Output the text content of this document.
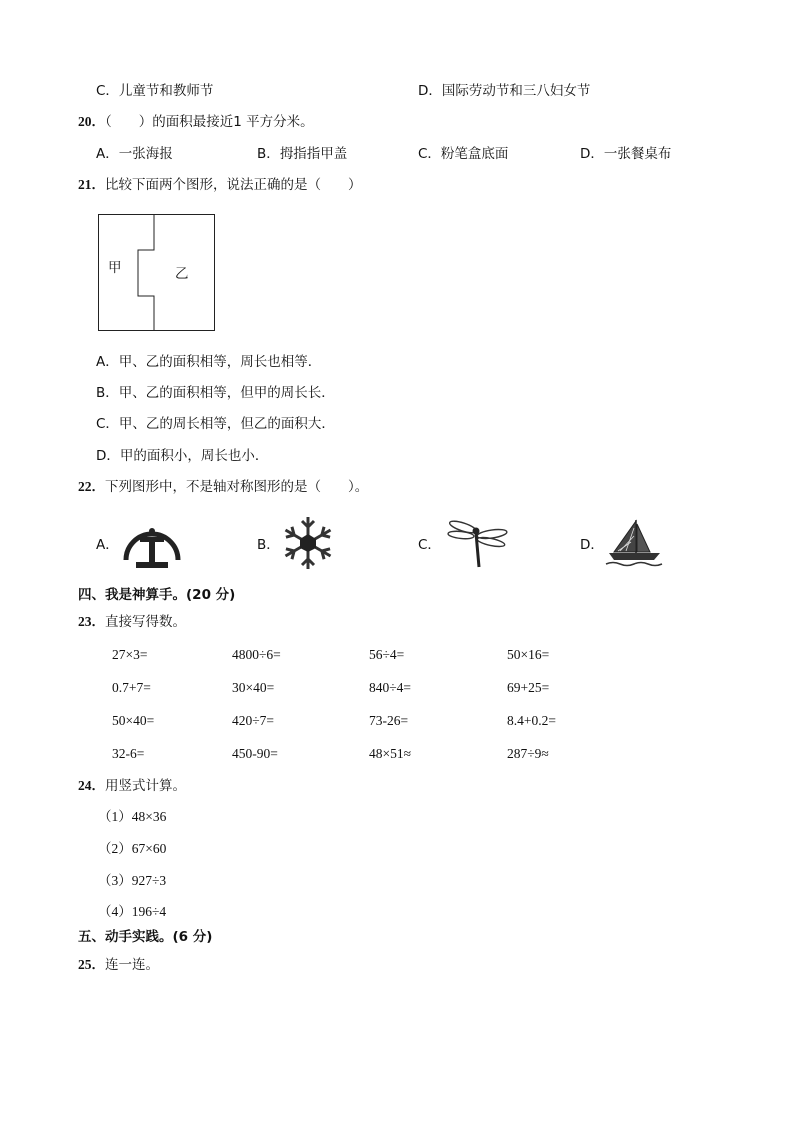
C．儿童节和教师节	D．国际劳动节和三八妇女节
20．（　　）的面积最接近1 平方分米。
A．一张海报	B．拇指指甲盖	C．粉笔盒底面	D．一张餐桌布
21．比较下面两个图形，说法正确的是（　　）
甲	乙
A．甲、乙的面积相等，周长也相等．
B．甲、乙的面积相等，但甲的周长长．
C．甲、乙的周长相等，但乙的面积大．
D．甲的面积小，周长也小．
22．下列图形中，不是轴对称图形的是（　　）。
A．	B．	C．	D．
四、我是神算手。(20 分)
23．直接写得数。
27×3=	4800÷6=	56÷4=	50×16=
0.7+7=	30×40=	840÷4=	69+25=
50×40=	420÷7=	73-26=	8.4+0.2=
32-6=	450-90=	48×51≈	287÷9≈
24．用竖式计算。
（1）48×36
（2）67×60
（3）927÷3
（4）196÷4
五、动手实践。(6 分)
25．连一连。
